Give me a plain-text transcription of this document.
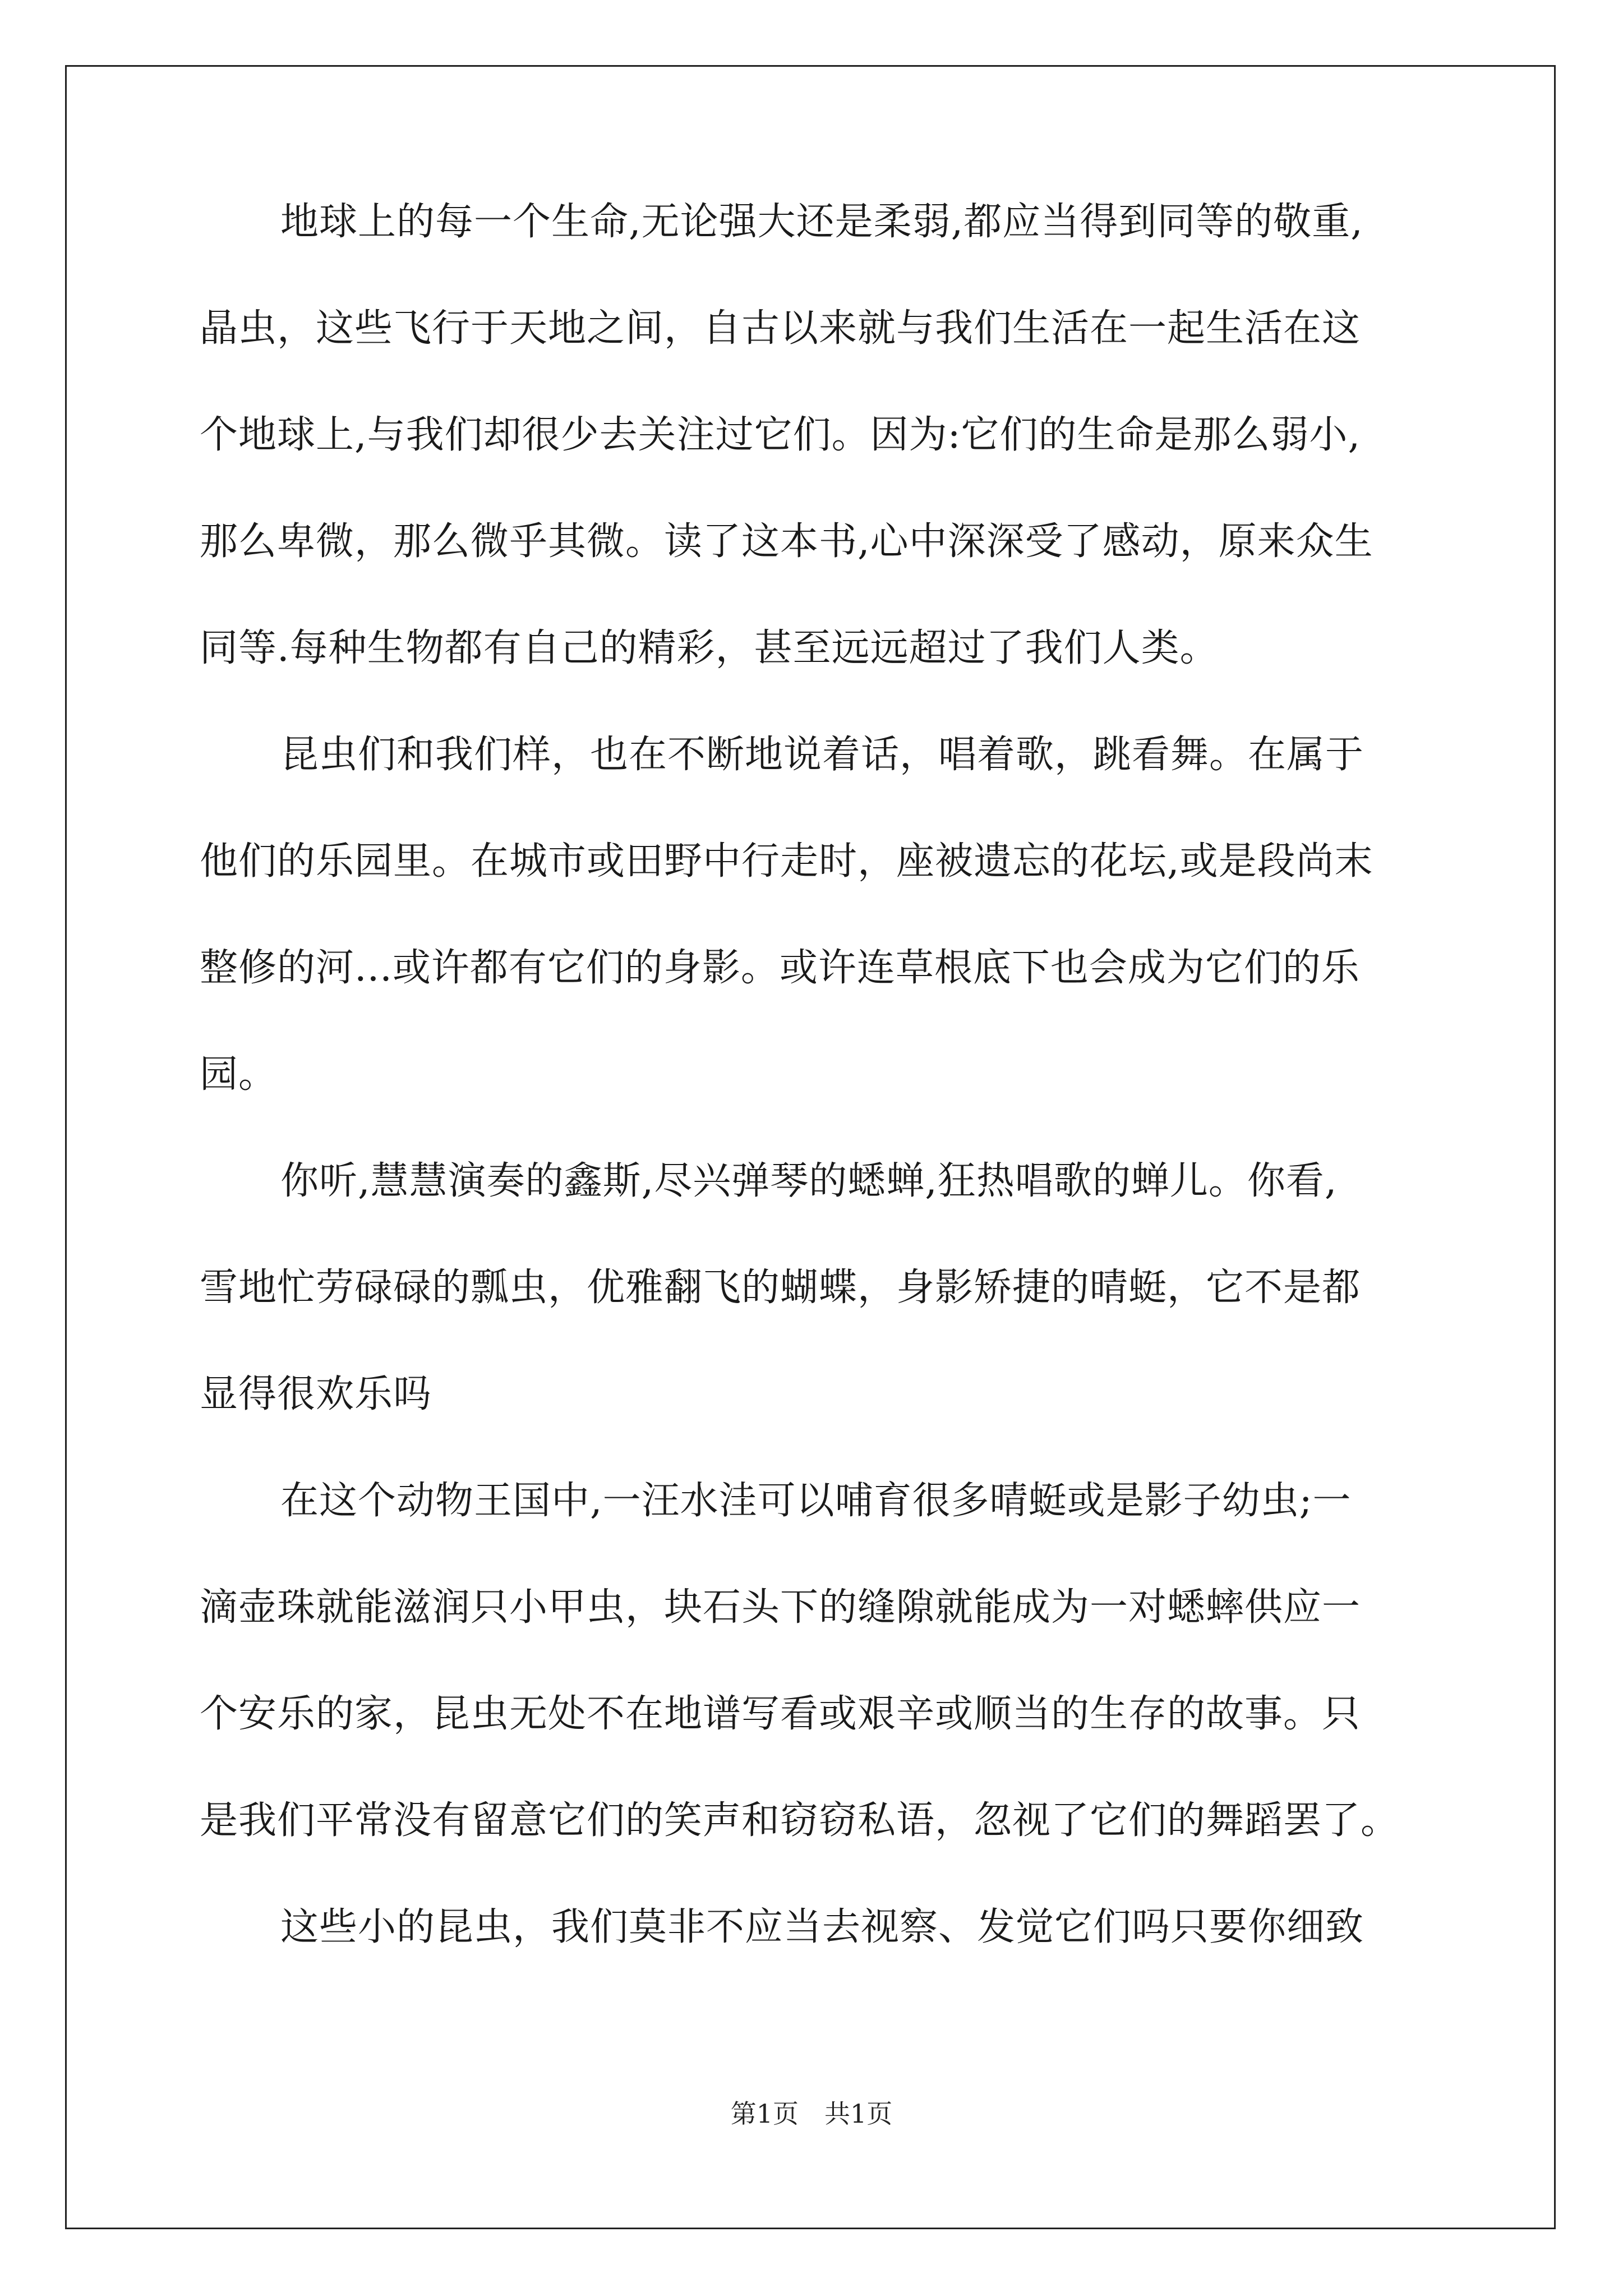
地球上的每一个生命,无论强大还是柔弱,都应当得到同等的敬重,
晶虫，这些飞行于天地之间，自古以来就与我们生活在一起生活在这
个地球上,与我们却很少去关注过它们。因为:它们的生命是那么弱小,
那么卑微，那么微乎其微。读了这本书,心中深深受了感动，原来众生
同等.每种生物都有自己的精彩，甚至远远超过了我们人类。
昆虫们和我们样，也在不断地说着话，唱着歌，跳看舞。在属于
他们的乐园里。在城市或田野中行走时，座被遗忘的花坛,或是段尚末
整修的河...或许都有它们的身影。或许连草根底下也会成为它们的乐
园。
你听,慧慧演奏的鑫斯,尽兴弹琴的蟋蝉,狂热唱歌的蝉儿。你看,
雪地忙劳碌碌的瓢虫，优雅翻飞的蝴蝶，身影矫捷的晴蜓，它不是都
显得很欢乐吗
在这个动物王国中,一汪水洼可以哺育很多晴蜓或是影子幼虫;一
滴壶珠就能滋润只小甲虫，块石头下的缝隙就能成为一对蟋蟀供应一
个安乐的家，昆虫无处不在地谱写看或艰辛或顺当的生存的故事。只
是我们平常没有留意它们的笑声和窃窃私语，忽视了它们的舞蹈罢了。
这些小的昆虫，我们莫非不应当去视察、发觉它们吗只要你细致
第1页　共1页
